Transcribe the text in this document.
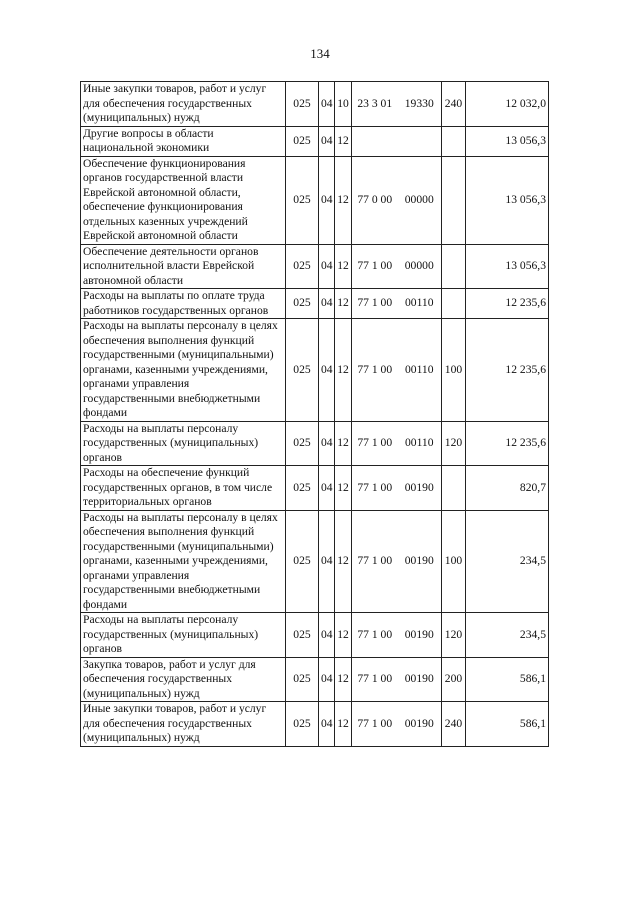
134
Иные закупки товаров, работ и услуг для обеспечения государственных (муниципальных) нужд	025	04	10	23 3 01	19330	240	12 032,0
Другие вопросы в области национальной экономики	025	04	12				13 056,3
Обеспечение функционирования органов государственной власти Еврейской автономной области, обеспечение функционирования отдельных казенных учреждений Еврейской автономной области	025	04	12	77 0 00	00000		13 056,3
Обеспечение деятельности органов исполнительной власти Еврейской автономной области	025	04	12	77 1 00	00000		13 056,3
Расходы на выплаты по оплате труда работников государственных органов	025	04	12	77 1 00	00110		12 235,6
Расходы на выплаты персоналу в целях обеспечения выполнения функций государственными (муниципальными) органами, казенными учреждениями, органами управления государственными внебюджетными фондами	025	04	12	77 1 00	00110	100	12 235,6
Расходы на выплаты персоналу государственных (муниципальных) органов	025	04	12	77 1 00	00110	120	12 235,6
Расходы на обеспечение функций государственных органов, в том числе территориальных органов	025	04	12	77 1 00	00190		820,7
Расходы на выплаты персоналу в целях обеспечения выполнения функций государственными (муниципальными) органами, казенными учреждениями, органами управления государственными внебюджетными фондами	025	04	12	77 1 00	00190	100	234,5
Расходы на выплаты персоналу государственных (муниципальных) органов	025	04	12	77 1 00	00190	120	234,5
Закупка товаров, работ и услуг для обеспечения государственных (муниципальных) нужд	025	04	12	77 1 00	00190	200	586,1
Иные закупки товаров, работ и услуг для обеспечения государственных (муниципальных) нужд	025	04	12	77 1 00	00190	240	586,1
